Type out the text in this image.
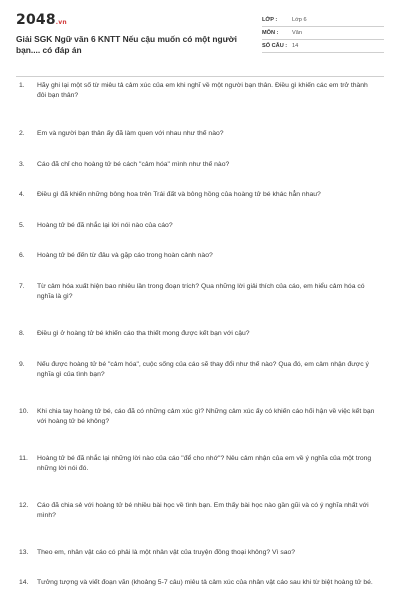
2048.vn
Giải SGK Ngữ văn 6 KNTT Nếu cậu muốn có một người bạn.... có đáp án
LỚP :	Lớp 6
MÔN :	Văn
SỐ CÂU : 14
1.	Hãy ghi lại một số từ miêu tả cảm xúc của em khi nghĩ về một người bạn thân. Điều gì khiến các em trở thành đôi bạn thân?
2.	Em và người bạn thân ấy đã làm quen với nhau như thế nào?
3.	Cáo đã chỉ cho hoàng tử bé cách "cảm hóa" mình như thế nào?
4.	Điều gì đã khiến những bông hoa trên Trái đất và bông hồng của hoàng tử bé khác hẳn nhau?
5.	Hoàng tử bé đã nhắc lại lời nói nào của cáo?
6.	Hoàng tử bé đến từ đâu và gặp cáo trong hoàn cảnh nào?
7.	Từ cảm hóa xuất hiện bao nhiêu lần trong đoạn trích? Qua những lời giải thích của cáo, em hiểu cảm hóa có nghĩa là gì?
8.	Điều gì ở hoàng tử bé khiến cáo tha thiết mong được kết bạn với cậu?
9.	Nếu được hoàng tử bé "cảm hóa", cuộc sống của cáo sẽ thay đổi như thế nào? Qua đó, em cảm nhận được ý nghĩa gì của tình bạn?
10.	Khi chia tay hoàng tử bé, cáo đã có những cảm xúc gì? Những cảm xúc ấy có khiến cáo hối hận về việc kết bạn với hoàng tử bé không?
11.	Hoàng tử bé đã nhắc lại những lời nào của cáo "để cho nhớ"? Nêu cảm nhận của em về ý nghĩa của một trong những lời nói đó.
12.	Cáo đã chia sẻ với hoàng tử bé nhiều bài học về tình bạn. Em thấy bài học nào gần gũi và có ý nghĩa nhất với mình?
13.	Theo em, nhân vật cáo có phải là một nhân vật của truyện đồng thoại không? Vì sao?
14.	Tưởng tượng và viết đoạn văn (khoảng 5-7 câu) miêu tả cảm xúc của nhân vật cáo sau khi từ biệt hoàng tử bé.
